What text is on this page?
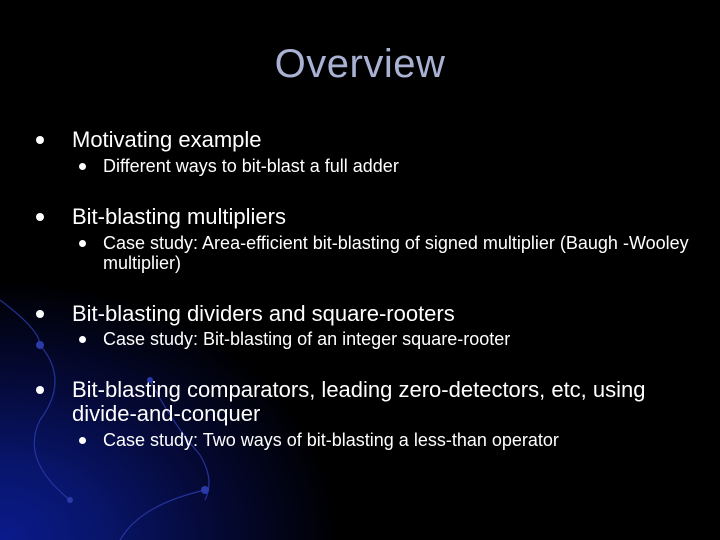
Overview
Motivating example
Different ways to bit-blast a full adder
Bit-blasting multipliers
Case study: Area-efficient bit-blasting of signed multiplier (Baugh -Wooley multiplier)
Bit-blasting dividers and square-rooters
Case study: Bit-blasting of an integer square-rooter
Bit-blasting comparators, leading zero-detectors, etc, using divide-and-conquer
Case study: Two ways of bit-blasting a less-than operator
